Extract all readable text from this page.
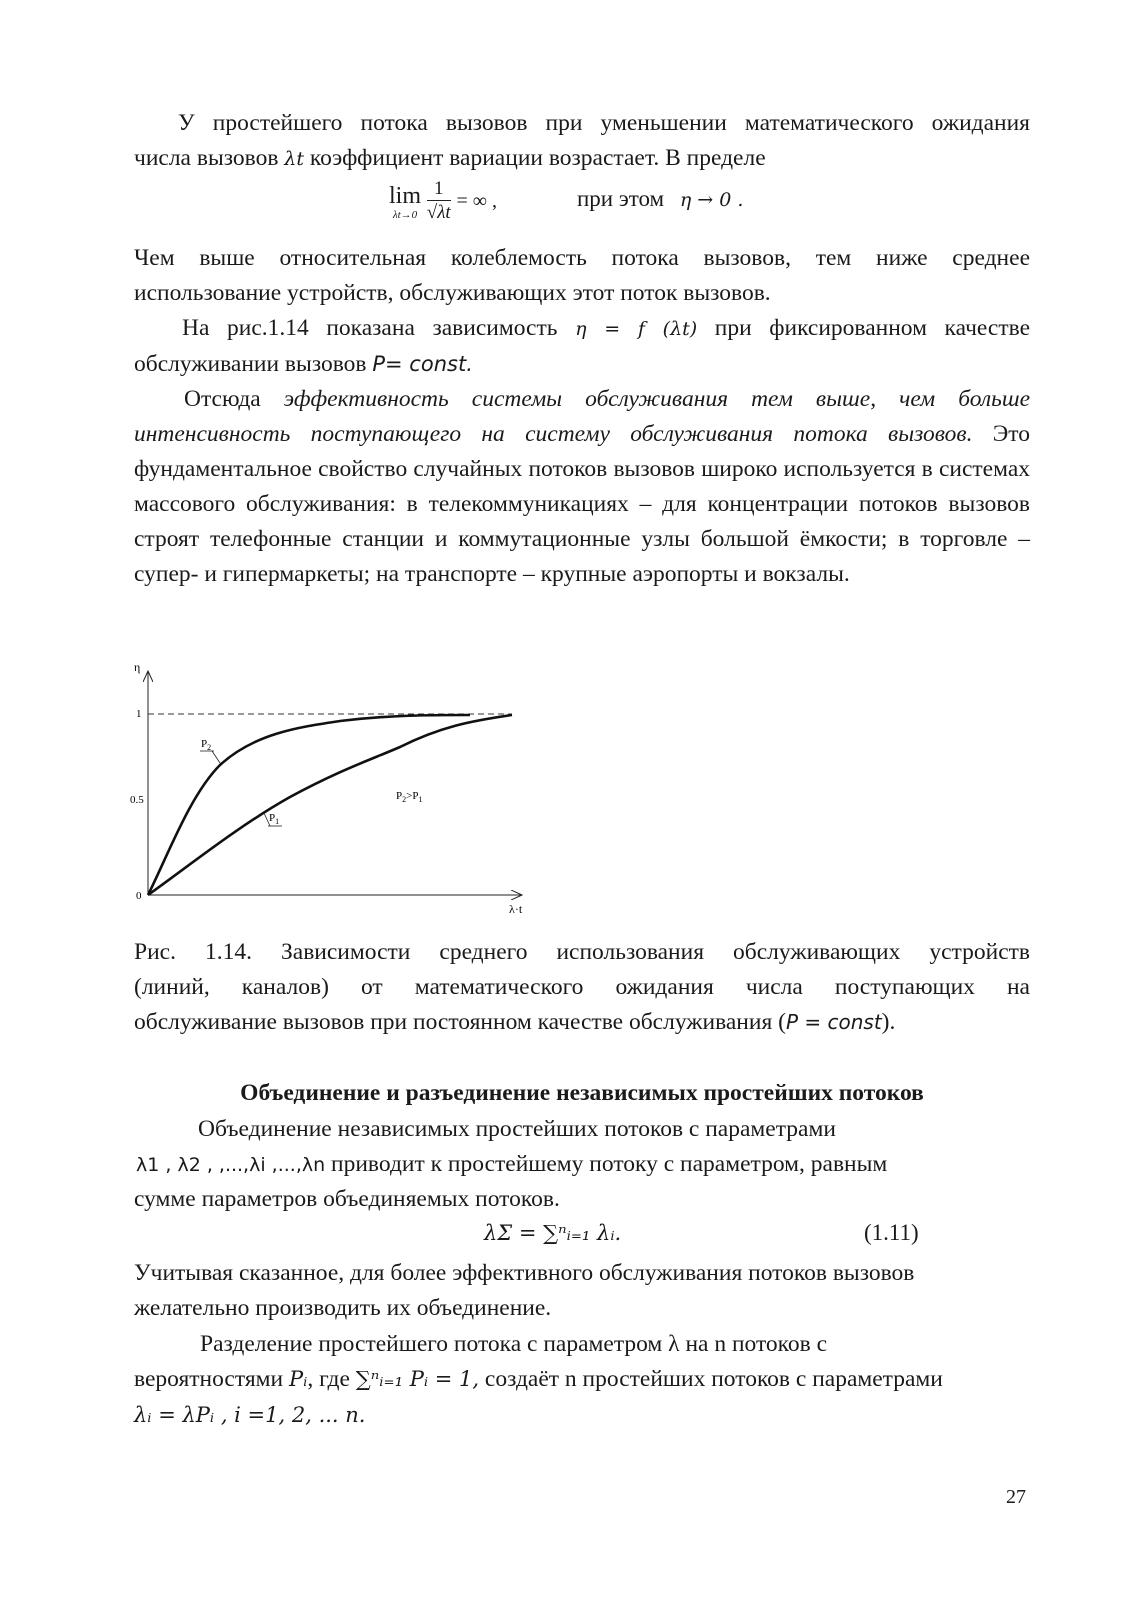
У простейшего потока вызовов при уменьшении математического ожидания

числа вызовов λt коэффициент вариации возрастает. В пределе

lim
λt→0
$\frac{1}{√\lambda t}$ = ∞ ,	при этом η → 0 .

Чем выше относительная колеблемость потока вызовов, тем ниже среднее

использование устройств, обслуживающих этот поток вызовов.

На рис.1.14 показана зависимость η = f (λt) при фиксированном качестве

обслуживании вызовов P= const.

Отсюда эффективность системы обслуживания тем выше, чем больше интенсивность поступающего на систему обслуживания потока вызовов. Это фундаментальное свойство случайных потоков вызовов широко используется в системах массового обслуживания: в телекоммуникациях – для концентрации потоков вызовов строят телефонные станции и коммутационные узлы большой ёмкости; в торговле – супер- и гипермаркеты; на транспорте – крупные аэропорты и вокзалы.

η
λ·t
1
0.5
0
$P_2$
$P_1$
$P_2>P_1$

Рис. 1.14. Зависимости среднего использования обслуживающих устройств

(линий, каналов) от математического ожидания числа поступающих на

обслуживание вызовов при постоянном качестве обслуживания (P = const).

Объединение и разъединение независимых простейших потоков

Объединение независимых простейших потоков с параметрами

λ1 , λ2 , ,...,λi ,...,λn приводит к простейшему потоку с параметром, равным

сумме параметров объединяемых потоков.

λΣ = ∑ⁿᵢ₌₁ λᵢ.	(1.11)

Учитывая сказанное, для более эффективного обслуживания потоков вызовов

желательно производить их объединение.

Разделение простейшего потока с параметром λ на n потоков с

вероятностями Pᵢ, где ∑ⁿᵢ₌₁ Pᵢ = 1, создаёт n простейших потоков с параметрами

λᵢ = λPᵢ , i =1, 2, ... n.

27
